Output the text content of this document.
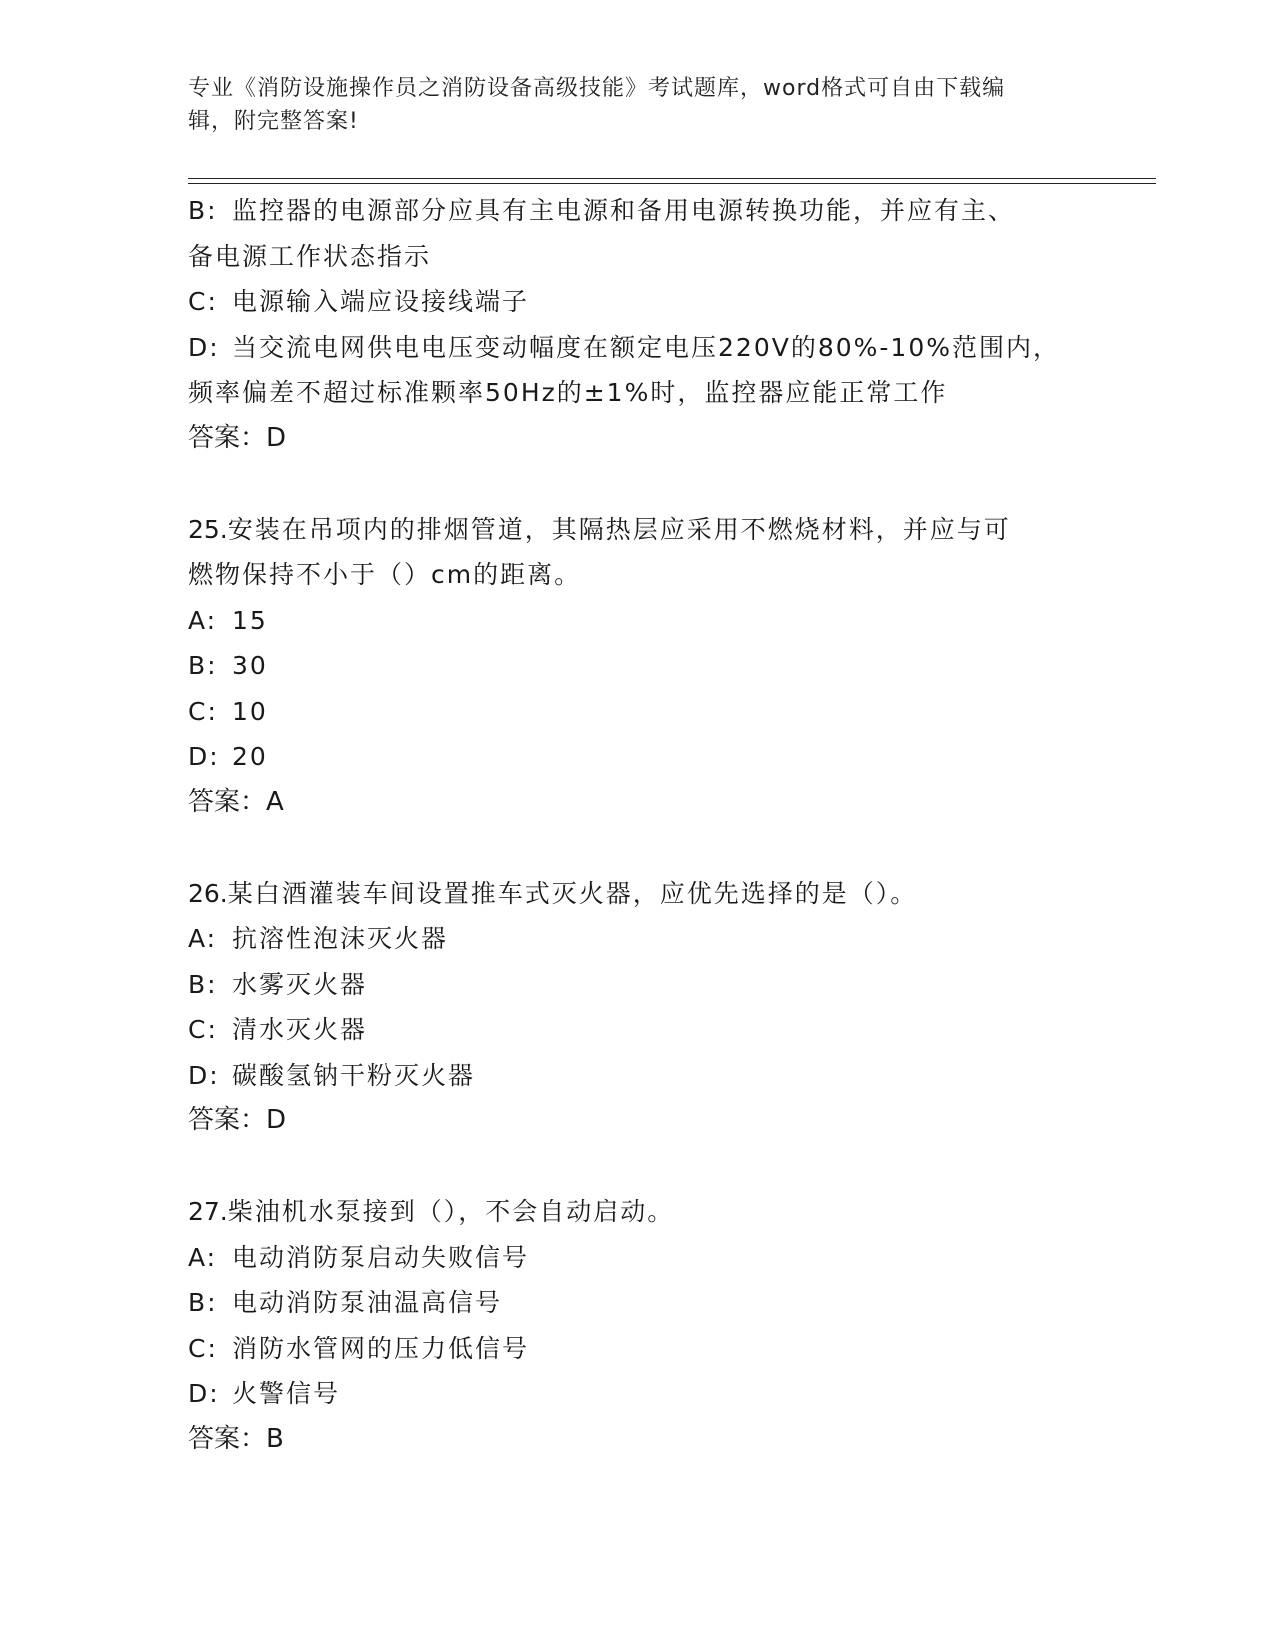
专业《消防设施操作员之消防设备高级技能》考试题库，word格式可自由下载编
辑，附完整答案!
B: 监控器的电源部分应具有主电源和备用电源转换功能，并应有主、
备电源工作状态指示
C: 电源输入端应设接线端子
D: 当交流电网供电电压变动幅度在额定电压220V的80%-10%范围内，
频率偏差不超过标准颗率50Hz的±1%时，监控器应能正常工作
答案：D
25.安装在吊项内的排烟管道，其隔热层应采用不燃烧材料，并应与可
燃物保持不小于（）cm的距离。
A: 15
B: 30
C: 10
D: 20
答案：A
26.某白酒灌装车间设置推车式灭火器，应优先选择的是（）。
A: 抗溶性泡沫灭火器
B: 水雾灭火器
C: 清水灭火器
D: 碳酸氢钠干粉灭火器
答案：D
27.柴油机水泵接到（），不会自动启动。
A: 电动消防泵启动失败信号
B: 电动消防泵油温高信号
C: 消防水管网的压力低信号
D: 火警信号
答案：B
